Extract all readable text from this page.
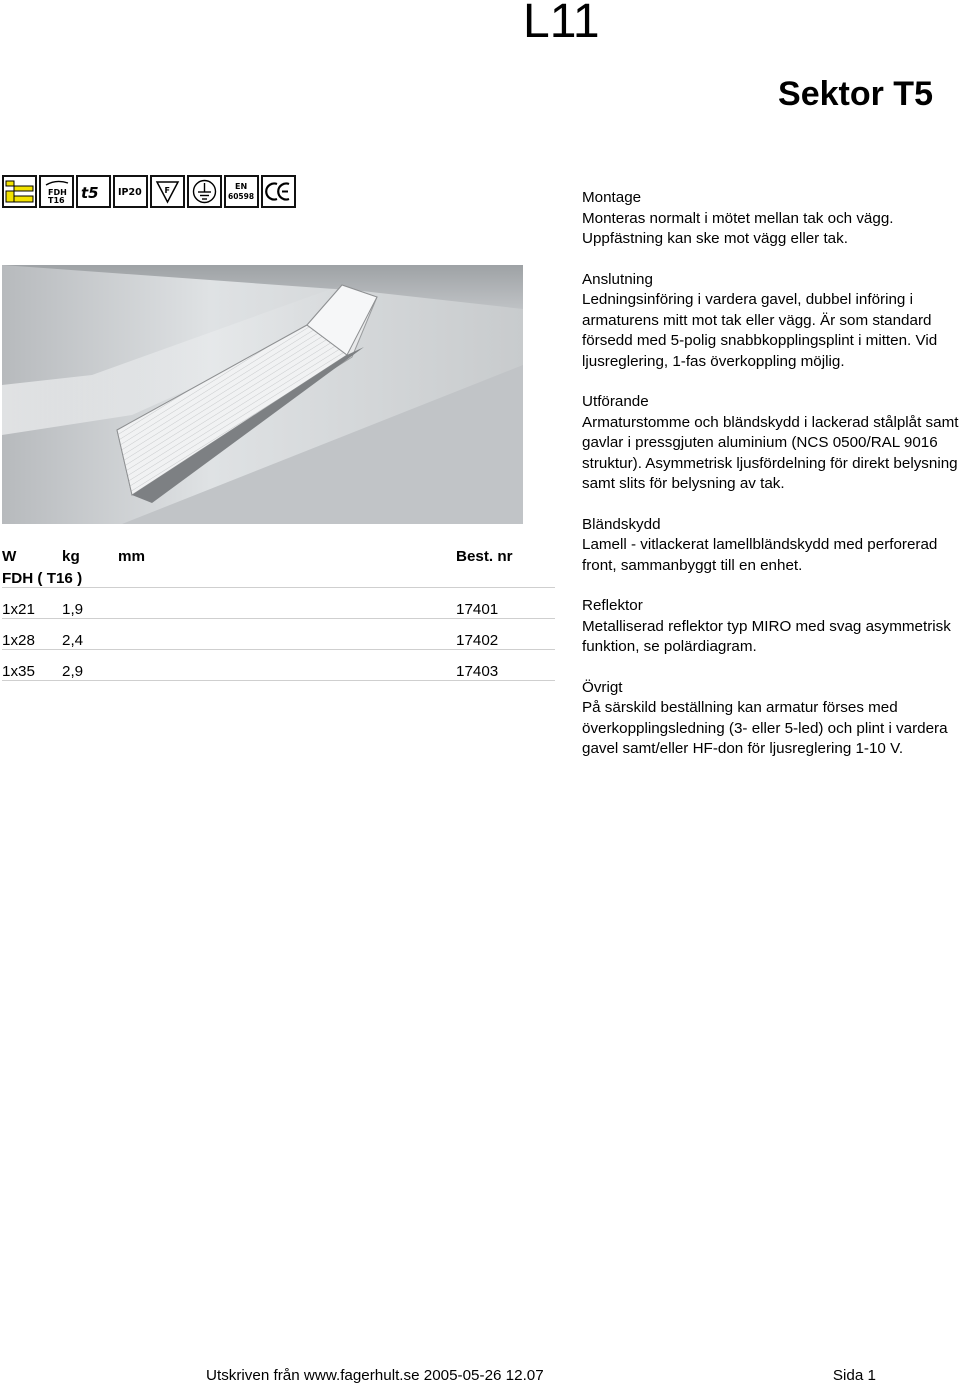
L11
Sektor T5
FDH
T16 t5 IP20	F	EN
60598	Montage

Monteras normalt i mötet mellan tak och vägg. Uppfästning kan ske mot vägg eller tak.

Anslutning

Ledningsinföring i vardera gavel, dubbel införing i armaturens mitt mot tak eller vägg. Är som standard försedd med 5-polig snabbkopplingsplint i mitten. Vid ljusreglering, 1-fas överkoppling möjlig.

Utförande

Armaturstomme och bländskydd i lackerad stålplåt samt gavlar i pressgjuten aluminium (NCS 0500/RAL 9016 struktur). Asymmetrisk ljusfördelning för direkt belysning samt slits för belysning av tak.

Bländskydd

Lamell - vitlackerat lamellbländskydd med perforerad front, sammanbyggt till en enhet.

Reflektor

Metalliserad reflektor typ MIRO med svag asymmetrisk funktion, se polärdiagram.

Övrigt

På särskild beställning kan armatur förses med överkopplingsledning (3- eller 5-led) och plint i vardera gavel samt/eller HF-don för ljusreglering 1-10 V.

W	kg	mm	Best. nr
FDH ( T16 )			
1x21	1,9		17401
1x28	2,4		17402
1x35	2,9		17403
Utskriven från www.fagerhult.se 2005-05-26 12.07	Sida 1
